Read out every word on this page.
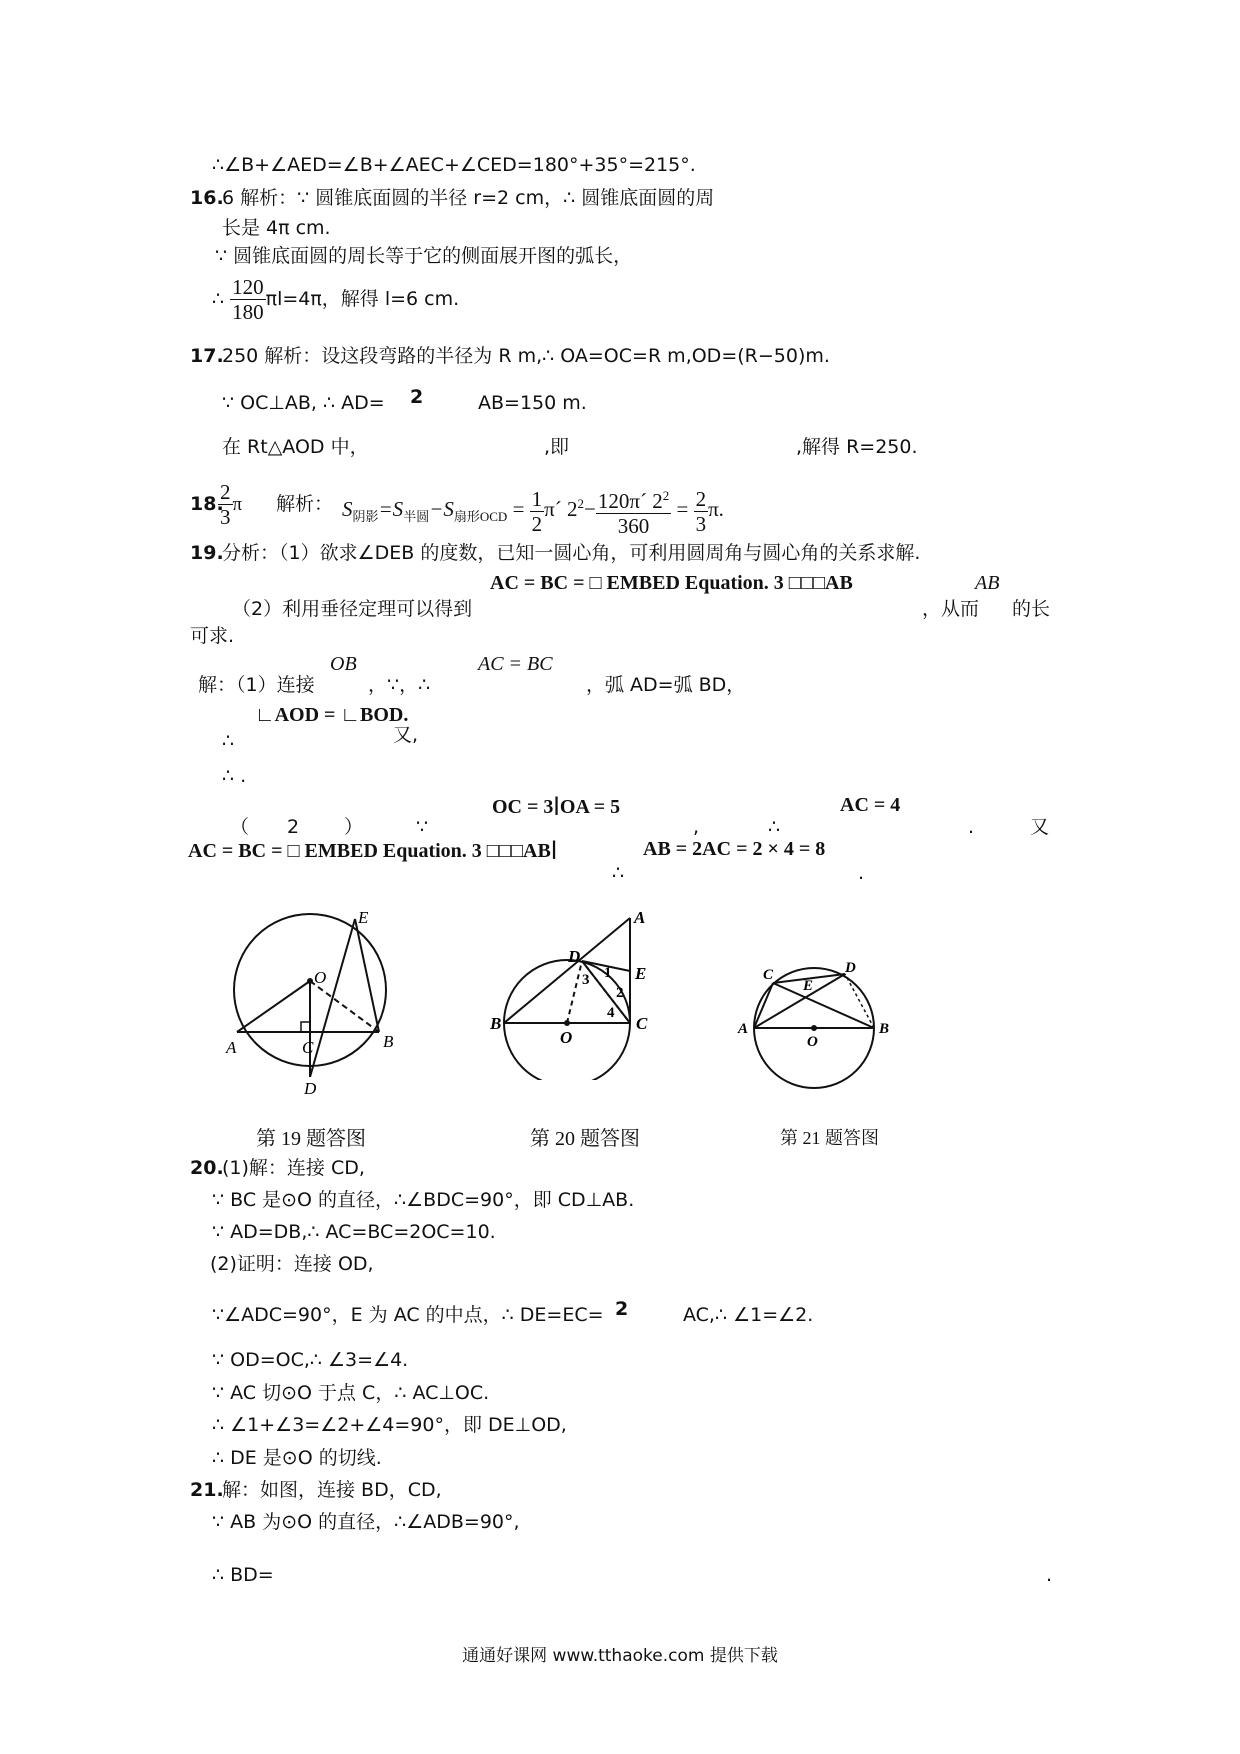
∴∠B+∠AED=∠B+∠AEC+∠CED=180°+35°=215°.
16.
6 解析：∵ 圆锥底面圆的半径 r=2 cm，∴ 圆锥底面圆的周
长是 4π cm.
∵ 圆锥底面圆的周长等于它的侧面展开图的弧长，
∴ $\frac{120}{180} \pi l=4\pi$，解得 l=6 cm.
17.
250 解析：设这段弯路的半径为 R m,∴ OA=OC=R m,OD=(R−50)m.
∵ OC⊥AB, ∴ AD= 2	AB=150 m.
在 Rt△AOD 中，	,即	,解得 R=250.
18.
$\frac{2}{3}$ π 解析： $S_{阴影}=S_{半圆}-S_{扇形OCD} = \frac{1}{2}$ π´ $2^2- \frac{120\pi´ 2^2}{360} = \frac{2}{3} \pi$.
19.
分析：（1）欲求∠DEB 的度数，已知一圆心角，可利用圆周角与圆心角的关系求解.
AC = BC = □ EMBED Equation. 3 □□□AB	AB
（2）利用垂径定理可以得到	，从而 的长
可求.
OB	AC = BC
解：（1）连接	，∵，∴	，弧 AD=弧 BD，
∟AOD = ∟BOD.
∴	又,
∴ .
OC = 3∣OA = 5	AC = 4
（ 2 ）	∵	,	∴	.	又
AC = BC = □ EMBED Equation. 3 □□□AB∣	AB = 2AC = 2 × 4 = 8
∴	.
A	B
C
D
E
O
第 19 题答图
A
B	C
D
E
O
1
2
3
4
第 20 题答图
A	B
C	D
E
O
第 21 题答图
20.
(1)解：连接 CD,
∵ BC 是⊙O 的直径，∴∠BDC=90°，即 CD⊥AB.
∵ AD=DB,∴ AC=BC=2OC=10.
(2)证明：连接 OD,
∵∠ADC=90°，E 为 AC 的中点，∴ DE=EC= 2	AC,∴ ∠1=∠2.
∵ OD=OC,∴ ∠3=∠4.
∵ AC 切⊙O 于点 C，∴ AC⊥OC.
∴ ∠1+∠3=∠2+∠4=90°，即 DE⊥OD,
∴ DE 是⊙O 的切线.
21.
解：如图，连接 BD，CD,
∵ AB 为⊙O 的直径，∴∠ADB=90°,
∴ BD=	.
通通好课网 www.tthaoke.com 提供下载
